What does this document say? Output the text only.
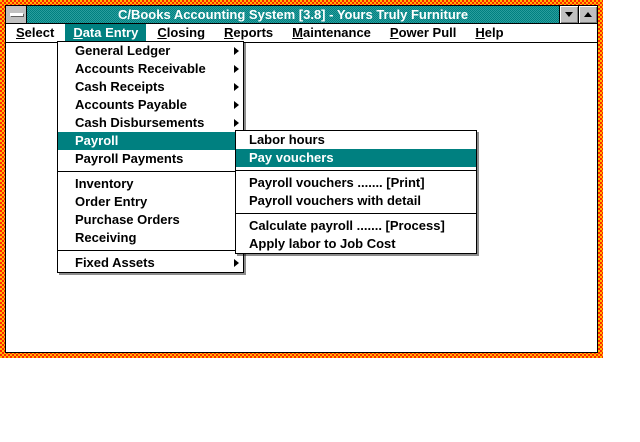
C/Books Accounting System [3.8] - Yours Truly Furniture
Select	Data Entry	Closing	Reports	Maintenance	Power Pull	Help
General Ledger
Accounts Receivable
Cash Receipts
Accounts Payable
Cash Disbursements
Payroll
Payroll Payments
Inventory
Order Entry
Purchase Orders
Receiving
Fixed Assets
Labor hours
Pay vouchers
Payroll vouchers ....... [Print]
Payroll vouchers with detail
Calculate payroll ....... [Process]
Apply labor to Job Cost
